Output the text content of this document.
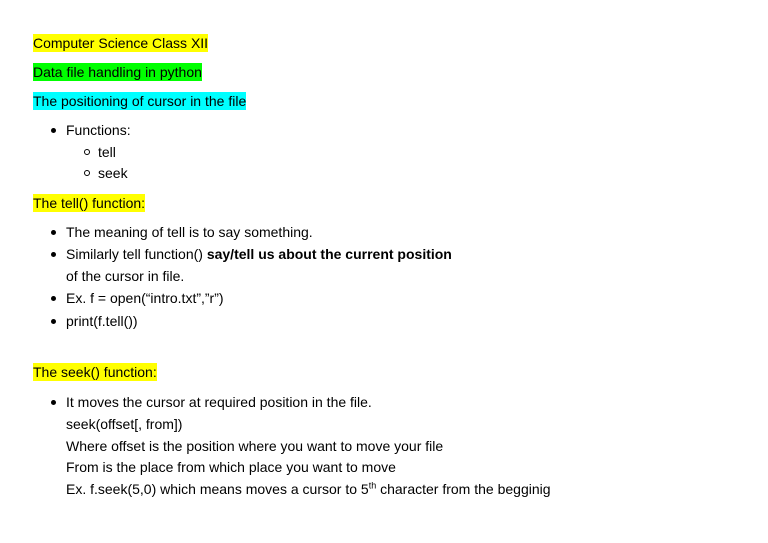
Computer Science Class XII
Data file handling in python
The positioning of cursor in the file
Functions:
tell
seek
The tell() function:
The meaning of tell is to say something.
Similarly tell function() say/tell us about the current position
of the cursor in file.
Ex. f = open(“intro.txt”,”r”)
print(f.tell())
The seek() function:
It moves the cursor at required position in the file.
seek(offset[, from])
Where offset is the position where you want to move your file
From is the place from which place you want to move
Ex. f.seek(5,0) which means moves a cursor to 5th character from the begginig
